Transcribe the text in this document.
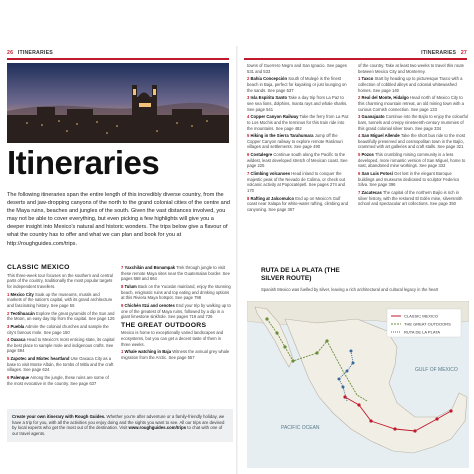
26 ITINERARIES	ITINERARIES 27
Itineraries

The following itineraries span the entire length of this incredibly diverse country, from the deserts and jaw-dropping canyons of the north to the grand colonial cities of the centre and the Maya ruins, beaches and jungles of the south. Given the vast distances involved, you may not be able to cover everything, but even picking a few highlights will give you a deeper insight into Mexico's natural and historic wonders. The trips below give a flavour of what the country has to offer and what we can plan and book for you at http://roughguides.com/trips.

CLASSIC MEXICO

This three-week tour focuses on the southern and central parts of the country, traditionally the most popular targets for independent travellers.

1 Mexico City Soak up the museums, murals and markets of the nation's capital, with its grand architecture and fascinating history. See page 56
2 Teotihuacán Explore the great pyramids of the Sun and the Moon, an easy day trip from the capital. See page 126
3 Puebla Admire the colonial churches and sample the city's famous mole. See page 150
4 Oaxaca Head to Mexico's most enticing state, its capital the best place to sample mole and indigenous crafts. See page 594
5 Zapotec and Mixtec heartland Use Oaxaca City as a base to visit Monte Albán, the tombs of Mitla and the craft villages. See page 624
6 Palenque Among the jungle, these ruins are some of the most evocative in the country. See page 637
7 Yaxchilán and Bonampak Trek through jungle to visit these remote Maya sites near the Guatemalan border. See pages 668 and 664
8 Tulum Back on the Yucatán mainland, enjoy the stunning beach, enigmatic ruins and top eating and drinking options at this Riviera Maya hotspot. See page 798
9 Chichén Itzá and cenotes End your trip by walking up to one of the greatest of Maya ruins, followed by a dip in a giant limestone sinkhole. See pages 719 and 726
THE GREAT OUTDOORS

Mexico is home to exceptionally varied landscapes and ecosystems, but you can get a decent taste of them in three weeks.

1 Whale watching in Baja Witness the annual grey whale migration from the Arctic. See page 557
towns of Guerrero Negro and San Ignacio. See pages 531 and 533
2 Bahía Concepción South of Mulegé is the finest beach in Baja, perfect for kayaking or just lounging on the sands. See page 537
3 Isla Espíritu Santo Take a day trip from La Paz to see sea lions, dolphins, manta rays and whale sharks. See page 541
4 Copper Canyon Railway Take the ferry from La Paz to Los Mochis and the terminus for this train ride into the mountains. See page 462
5 Hiking in the Sierra Tarahumara Jump off the Copper Canyon railway to explore remote Rarámuri villages and settlements. See page 490
6 Costalegre Continue south along the Pacific to the wildest, least developed stretch of Mexican coast. See page 225
7 Climbing volcanoes Head inland to conquer the majestic peak of the Nevado de Colima, or check out volcanic activity at Popocatépetl. See pages 274 and 170
8 Rafting at Jalcomulco End up on Mexico's Gulf coast near Xalapa for white-water rafting, climbing and canyoning. See page 367
of the country. Take at least two weeks to travel this route between Mexico City and Monterrey.
1 Taxco Start by heading up to picturesque Taxco with a collection of cobbled alleys and colonial whitewashed homes. See page 140
2 Real del Monte, Hidalgo Head north of Mexico City to this charming mountain retreat, an old mining town with a curious Cornish connection. See page 133
3 Guanajuato Continue into the Bajío to enjoy the colourful bars, tunnels and creepy nineteenth-century mummies of this grand colonial silver town. See page 334
4 San Miguel Allende Take the short bus ride to the most beautifully preserved and cosmopolitan town in the Bajío, crammed with art galleries and craft stalls. See page 321
5 Pozos This crumbling mining community is a less developed, more romantic version of San Miguel, home to vast, abandoned mine workings. See page 333
6 San Luis Potosí Get lost in the elegant Baroque buildings and museums dedicated to sculptor Federico Silva. See page 396
7 Zacatecas The capital of the northern Bajío is rich in silver history, with the restored El Edén mine, silversmith school and spectacular art collections. See page 350
RUTA DE LA PLATA (THE
SILVER ROUTE)
Spanish Mexico was fuelled by silver, leaving a rich architectural and cultural legacy in the heart
CLASSIC MEXICO
THE GREAT OUTDOORS
RUTA DE LA PLATA
GULF OF MEXICO
PACIFIC OCEAN
Create your own itinerary with Rough Guides. Whether you're after adventure or a family-friendly holiday, we have a trip for you, with all the activities you enjoy doing and the sights you want to see. All our trips are devised by local experts who get the most out of the destination. Visit www.roughguides.com/trips to chat with one of our travel agents.
